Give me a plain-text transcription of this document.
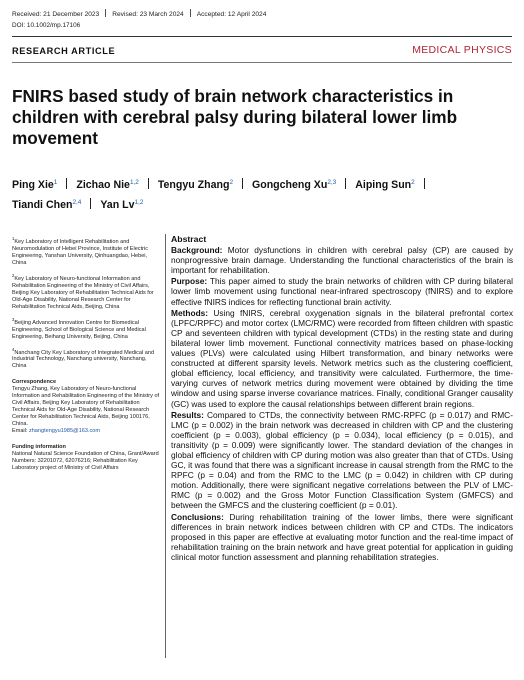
Received: 21 December 2023 Revised: 23 March 2024 Accepted: 12 April 2024
DOI: 10.1002/mp.17106
RESEARCH ARTICLE	MEDICAL PHYSICS
FNIRS based study of brain network characteristics in children with cerebral palsy during bilateral lower limb movement
Ping Xie$^1$ Zichao Nie$^{1,2}$ Tengyu Zhang$^2$ Gongcheng Xu$^{2,3}$ Aiping Sun$^2$
Tiandi Chen$^{2,4}$ Yan Lv$^{1,2}$

$^1$Key Laboratory of Intelligent Rehabilitation and Neuromodulation of Hebei Province, Institute of Electric Engineering, Yanshan University, Qinhuangdao, Hebei, China

$^2$Key Laboratory of Neuro-functional Information and Rehabilitation Engineering of the Ministry of Civil Affairs, Beijing Key Laboratory of Rehabilitation Technical Aids for Old-Age Disability, National Research Center for Rehabilitation Technical Aids, Beijing, China

$^3$Beijing Advanced Innovation Centre for Biomedical Engineering, School of Biological Science and Medical Engineering, Beihang University, Beijing, China

$^4$Nanchang City Key Laboratory of Integrated Medical and Industrial Technology, Nanchang university, Nanchang, China

Correspondence
Tengyu Zhang, Key Laboratory of Neuro-functional Information and Rehabilitation Engineering of the Ministry of Civil Affairs, Beijing Key Laboratory of Rehabilitation Technical Aids for Old-Age Disability, National Research Center for Rehabilitation Technical Aids, Beijing 100176, China.
Email: zhangtengyu1985@163.com
Funding information
National Natural Science Foundation of China, Grant/Award Numbers: 32201072, 62076216; Rehabilitation Key Laboratory project of Ministry of Civil Affairs
Abstract

Background: Motor dysfunctions in children with cerebral palsy (CP) are caused by nonprogressive brain damage. Understanding the functional characteristics of the brain is important for rehabilitation.

Purpose: This paper aimed to study the brain networks of children with CP during bilateral lower limb movement using functional near-infrared spectroscopy (fNIRS) and to explore effective fNIRS indices for reflecting functional brain activity.

Methods: Using fNIRS, cerebral oxygenation signals in the bilateral prefrontal cortex (LPFC/RPFC) and motor cortex (LMC/RMC) were recorded from fifteen children with spastic CP and seventeen children with typical development (CTDs) in the resting state and during bilateral lower limb movement. Functional connectivity matrices based on phase-locking values (PLVs) were calculated using Hilbert transformation, and binary networks were constructed at different sparsity levels. Network metrics such as the clustering coefficient, global efficiency, local efficiency, and transitivity were calculated. Furthermore, the time-varying curves of network metrics during movement were obtained by dividing the time window and using sparse inverse covariance matrices. Finally, conditional Granger causality (GC) was used to explore the causal relationships between different brain regions.

Results: Compared to CTDs, the connectivity between RMC-RPFC (p = 0.017) and RMC-LMC (p = 0.002) in the brain network was decreased in children with CP and the clustering coefficient (p = 0.003), global efficiency (p = 0.034), local efficiency (p = 0.015), and transitivity (p = 0.009) were significantly lower. The standard deviation of the changes in global efficiency of children with CP during motion was also greater than that of CTDs. Using GC, it was found that there was a significant increase in causal strength from the RMC to the RPFC (p = 0.04) and from the RMC to the LMC (p = 0.042) in children with CP during motion. Additionally, there were significant negative correlations between the PLV of LMC-RMC (p = 0.002) and the Gross Motor Function Classification System (GMFCS) and between the GMFCS and the clustering coefficient (p = 0.01).

Conclusions: During rehabilitation training of the lower limbs, there were significant differences in brain network indices between children with CP and CTDs. The indicators proposed in this paper are effective at evaluating motor function and the real-time impact of rehabilitation training on the brain network and have great potential for application in guiding clinical motor function assessment and planning rehabilitation strategies.
